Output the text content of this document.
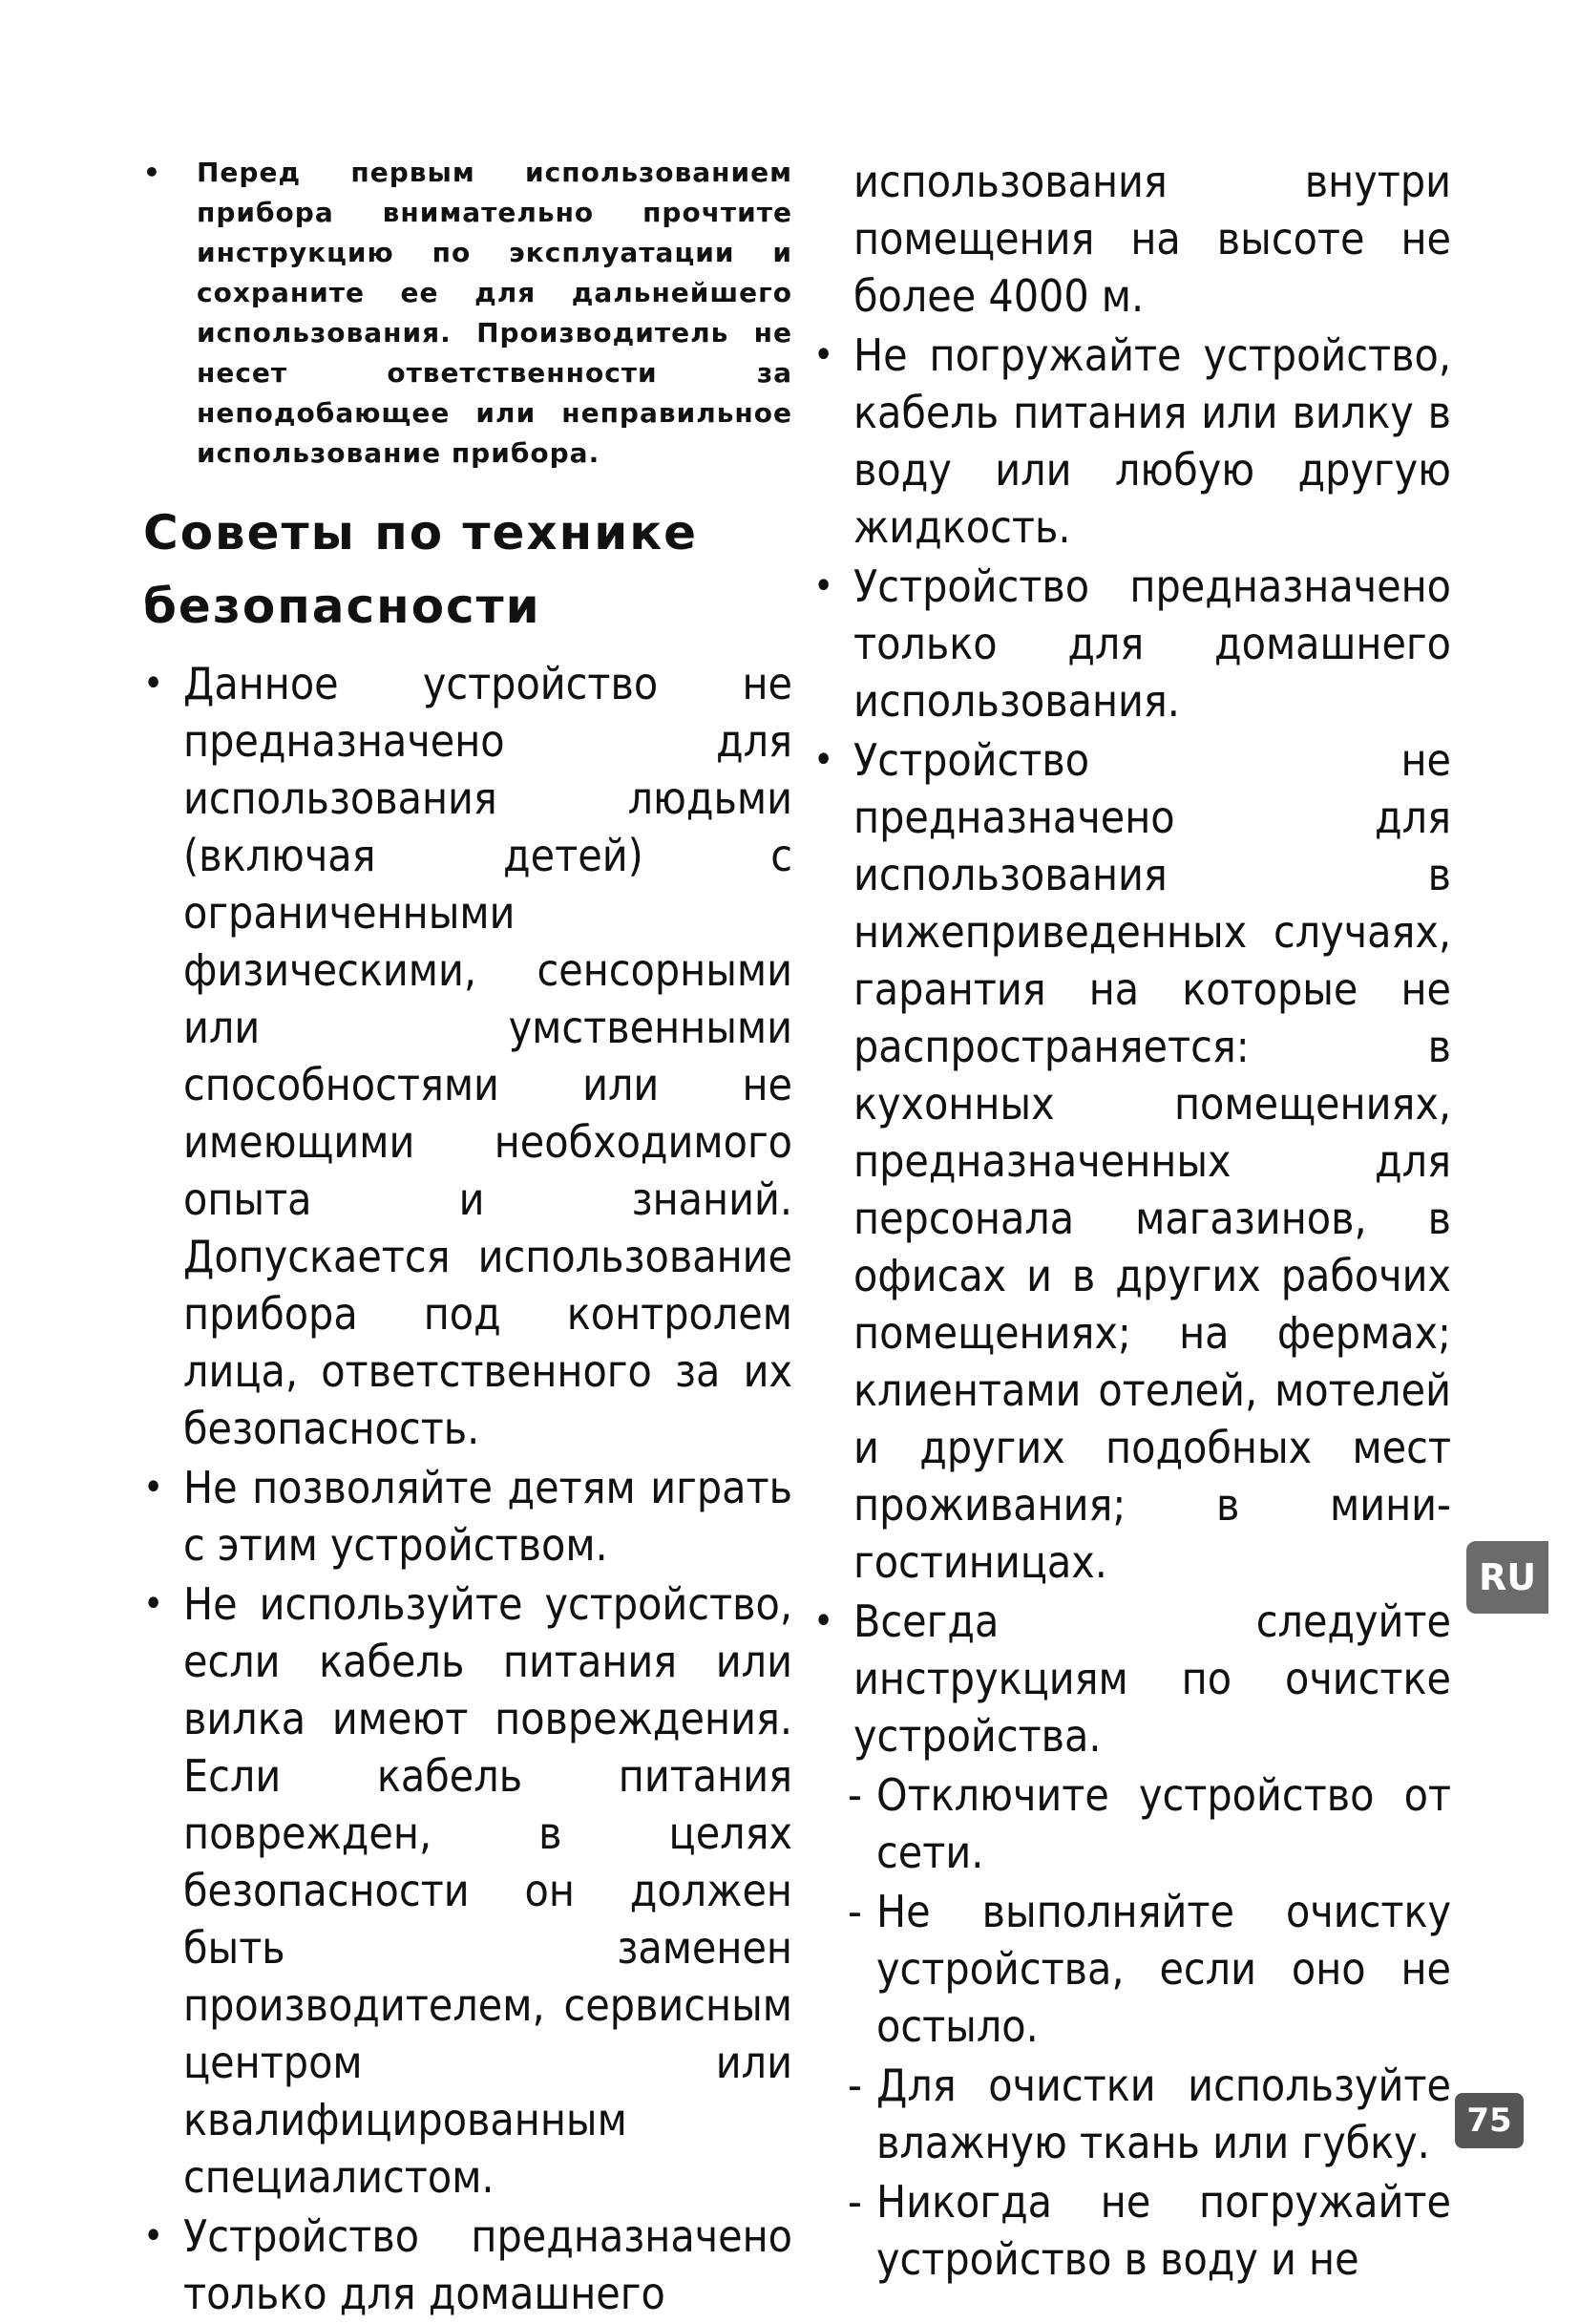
• Перед первым использованием прибора внимательно прочтите инструкцию по эксплуатации и сохраните ее для дальнейшего использования. Производитель не несет ответственности за неподобающее или неправильное использование прибора.
Советы по технике безопасности
• Данное устройство не предназначено для использования людьми (включая детей) с ограниченными физическими, сенсорными или умственными способностями или не имеющими необходимого опыта и знаний. Допускается использование прибора под контролем лица, ответственного за их безопасность.
• Не позволяйте детям играть с этим устройством.
• Не используйте устройство, если кабель питания или вилка имеют повреждения. Если кабель питания поврежден, в целях безопасности он должен быть заменен производителем, сервисным центром или квалифицированным специалистом.
• Устройство предназначено только для домашнего
использования внутри помещения на высоте не более 4000 м.
• Не погружайте устройство, кабель питания или вилку в воду или любую другую жидкость.
• Устройство предназначено только для домашнего использования.
• Устройство не предназначено для использования в нижеприведенных случаях, гарантия на которые не распространяется: в кухонных помещениях, предназначенных для персонала магазинов, в офисах и в других рабочих помещениях; на фермах; клиентами отелей, мотелей и других подобных мест проживания; в мини-гостиницах.
• Всегда следуйте инструкциям по очистке устройства.
- Отключите устройство от сети.
- Не выполняйте очистку устройства, если оно не остыло.
- Для очистки используйте влажную ткань или губку.
- Никогда не погружайте устройство в воду и не
RU
75
